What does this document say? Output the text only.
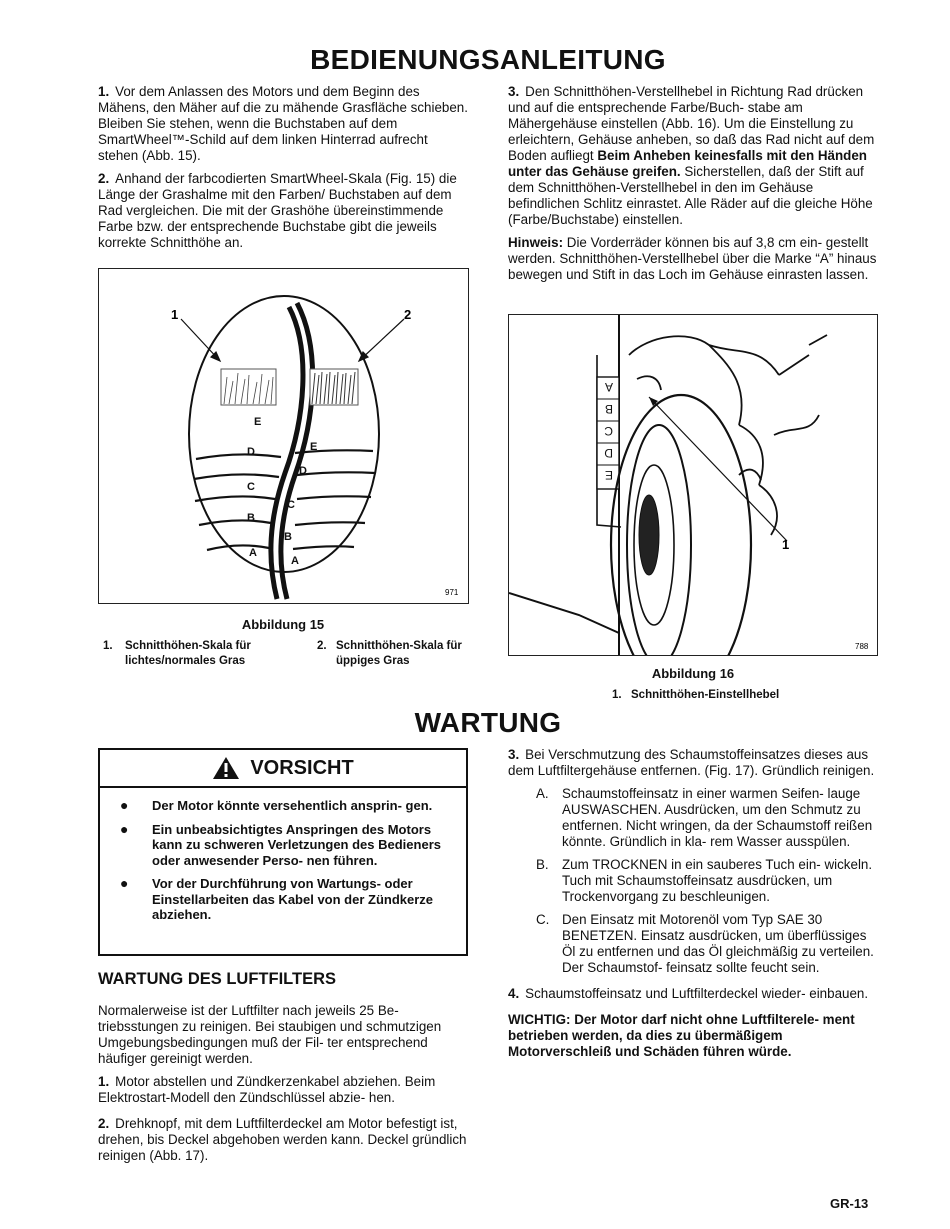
BEDIENUNGSANLEITUNG

1. Vor dem Anlassen des Motors und dem Beginn des Mähens, den Mäher auf die zu mähende Grasfläche schieben. Bleiben Sie stehen, wenn die Buchstaben auf dem SmartWheel™-Schild auf dem linken Hinterrad aufrecht stehen (Abb. 15).

2. Anhand der farbcodierten SmartWheel-Skala (Fig. 15) die Länge der Grashalme mit den Farben/ Buchstaben auf dem Rad vergleichen. Die mit der Grashöhe übereinstimmende Farbe bzw. der entsprechende Buchstabe gibt die jeweils korrekte Schnitthöhe an.

3. Den Schnitthöhen-Verstellhebel in Richtung Rad drücken und auf die entsprechende Farbe/Buch- stabe am Mähergehäuse einstellen (Abb. 16). Um die Einstellung zu erleichtern, Gehäuse anheben, so daß das Rad nicht auf dem Boden aufliegt Beim Anheben keinesfalls mit den Händen unter das Gehäuse greifen. Sicherstellen, daß der Stift auf dem Schnitthöhen-Verstellhebel in den im Gehäuse befindlichen Schlitz einrastet. Alle Räder auf die gleiche Höhe (Farbe/Buchstabe) einstellen.

Hinweis: Die Vorderräder können bis auf 3,8 cm ein- gestellt werden. Schnitthöhen-Verstellhebel über die Marke “A” hinaus bewegen und Stift in das Loch im Gehäuse einrasten lassen.

1	2
E
D
C
B
A
E
D
C
B
A
971
Abbildung 15
1. Schnitthöhen-Skala für lichtes/normales Gras
2. Schnitthöhen-Skala für üppiges Gras
A
B
C
D
E
1
788
Abbildung 16
1. Schnitthöhen-Einstellhebel
WARTUNG
VORSICHT
●	Der Motor könnte versehentlich ansprin- gen.
●	Ein unbeabsichtigtes Anspringen des Motors kann zu schweren Verletzungen des Bedieners oder anwesender Perso- nen führen.
●	Vor der Durchführung von Wartungs- oder Einstellarbeiten das Kabel von der Zündkerze abziehen.
WARTUNG DES LUFTFILTERS

Normalerweise ist der Luftfilter nach jeweils 25 Be- triebsstungen zu reinigen. Bei staubigen und schmutzigen Umgebungsbedingungen muß der Fil- ter entsprechend häufiger gereinigt werden.

1. Motor abstellen und Zündkerzenkabel abziehen. Beim Elektrostart-Modell den Zündschlüssel abzie- hen.

2. Drehknopf, mit dem Luftfilterdeckel am Motor befestigt ist, drehen, bis Deckel abgehoben werden kann. Deckel gründlich reinigen (Abb. 17).

3. Bei Verschmutzung des Schaumstoffeinsatzes dieses aus dem Luftfiltergehäuse entfernen. (Fig. 17). Gründlich reinigen.

A. Schaumstoffeinsatz in einer warmen Seifen- lauge AUSWASCHEN. Ausdrücken, um den Schmutz zu entfernen. Nicht wringen, da der Schaumstoff reißen könnte. Gründlich in kla- rem Wasser ausspülen.
B. Zum TROCKNEN in ein sauberes Tuch ein- wickeln. Tuch mit Schaumstoffeinsatz ausdrücken, um Trockenvorgang zu beschleunigen.
C. Den Einsatz mit Motorenöl vom Typ SAE 30 BENETZEN. Einsatz ausdrücken, um überflüssiges Öl zu entfernen und das Öl gleichmäßig zu verteilen. Der Schaumstof- feinsatz sollte feucht sein.

4. Schaumstoffeinsatz und Luftfilterdeckel wieder- einbauen.

WICHTIG: Der Motor darf nicht ohne Luftfilterele- ment betrieben werden, da dies zu übermäßigem Motorverschleiß und Schäden führen würde.

GR-13
